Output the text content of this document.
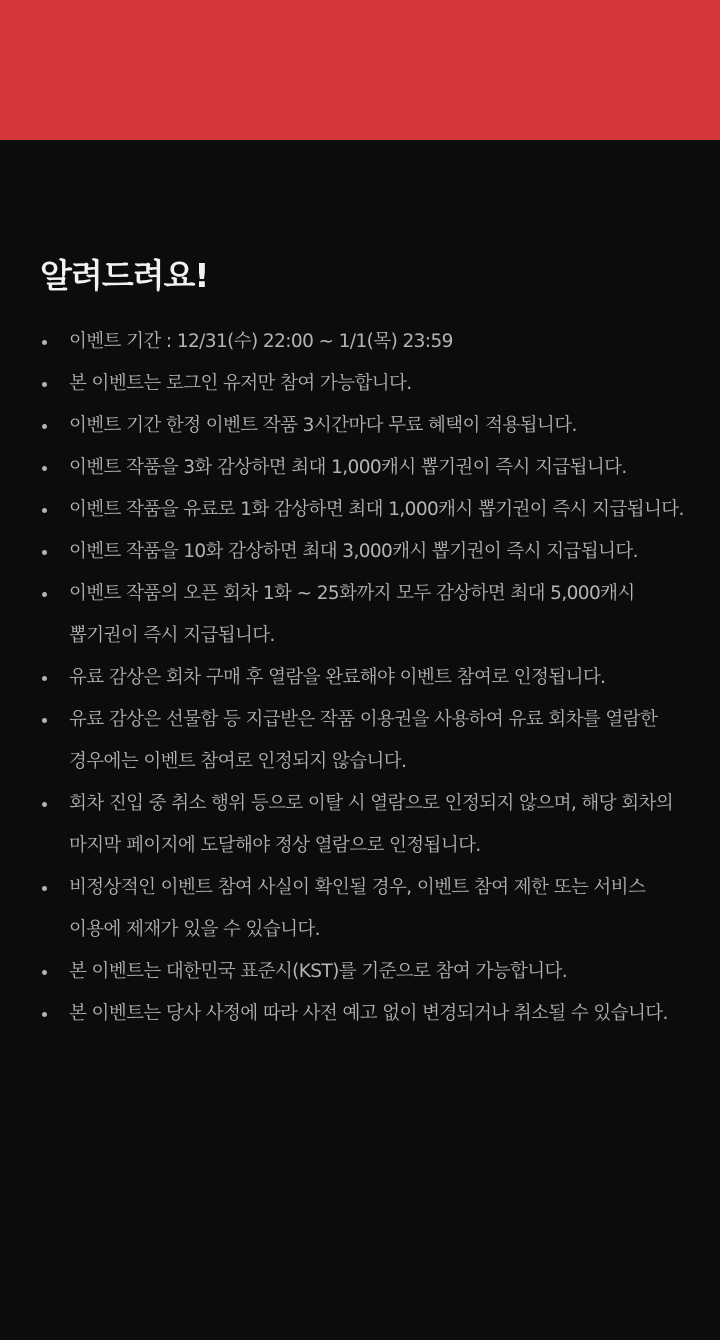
알려드려요!
이벤트 기간 : 12/31(수) 22:00 ~ 1/1(목) 23:59
본 이벤트는 로그인 유저만 참여 가능합니다.
이벤트 기간 한정 이벤트 작품 3시간마다 무료 혜택이 적용됩니다.
이벤트 작품을 3화 감상하면 최대 1,000캐시 뽑기권이 즉시 지급됩니다.
이벤트 작품을 유료로 1화 감상하면 최대 1,000캐시 뽑기권이 즉시 지급됩니다.
이벤트 작품을 10화 감상하면 최대 3,000캐시 뽑기권이 즉시 지급됩니다.
이벤트 작품의 오픈 회차 1화 ~ 25화까지 모두 감상하면 최대 5,000캐시 뽑기권이 즉시 지급됩니다.
유료 감상은 회차 구매 후 열람을 완료해야 이벤트 참여로 인정됩니다.
유료 감상은 선물함 등 지급받은 작품 이용권을 사용하여 유료 회차를 열람한 경우에는 이벤트 참여로 인정되지 않습니다.
회차 진입 중 취소 행위 등으로 이탈 시 열람으로 인정되지 않으며, 해당 회차의 마지막 페이지에 도달해야 정상 열람으로 인정됩니다.
비정상적인 이벤트 참여 사실이 확인될 경우, 이벤트 참여 제한 또는 서비스 이용에 제재가 있을 수 있습니다.
본 이벤트는 대한민국 표준시(KST)를 기준으로 참여 가능합니다.
본 이벤트는 당사 사정에 따라 사전 예고 없이 변경되거나 취소될 수 있습니다.
